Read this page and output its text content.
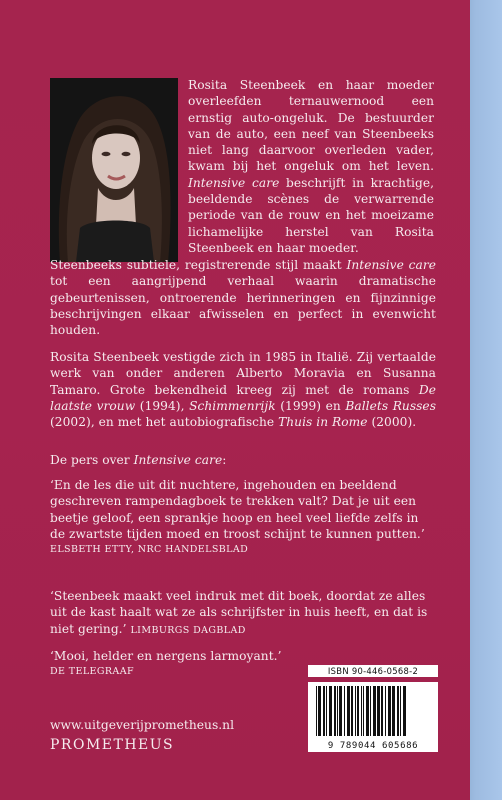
Rosita Steenbeek en haar moeder overleefden ternauwernood een ernstig auto-ongeluk. De bestuurder van de auto, een neef van Steenbeeks niet lang daarvoor overleden vader, kwam bij het ongeluk om het leven. Intensive care beschrijft in krachtige, beeldende scènes de verwarrende periode van de rouw en het moeizame lichamelijke herstel van Rosita Steenbeek en haar moeder.

Steenbeeks subtiele, registrerende stijl maakt Intensive care tot een aangrijpend verhaal waarin dramatische gebeurtenissen, ontroerende herinneringen en fijnzinnige beschrijvingen elkaar afwisselen en perfect in evenwicht houden.

Rosita Steenbeek vestigde zich in 1985 in Italië. Zij vertaalde werk van onder anderen Alberto Moravia en Susanna Tamaro. Grote bekendheid kreeg zij met de romans De laatste vrouw (1994), Schimmenrijk (1999) en Ballets Russes (2002), en met het autobiografische Thuis in Rome (2000).

De pers over Intensive care:

‘En de les die uit dit nuchtere, ingehouden en beeldend geschreven rampendagboek te trekken valt? Dat je uit een beetje geloof, een sprankje hoop en heel veel liefde zelfs in de zwartste tijden moed en troost schijnt te kunnen putten.’

ELSBETH ETTY, NRC HANDELSBLAD

‘Steenbeek maakt veel indruk met dit boek, doordat ze alles uit de kast haalt wat ze als schrijfster in huis heeft, en dat is niet gering.’ LIMBURGS DAGBLAD

‘Mooi, helder en nergens larmoyant.’

DE TELEGRAAF	ISBN 90-446-0568-2
9 789044 605686
www.uitgeverijprometheus.nl
PROMETHEUS
